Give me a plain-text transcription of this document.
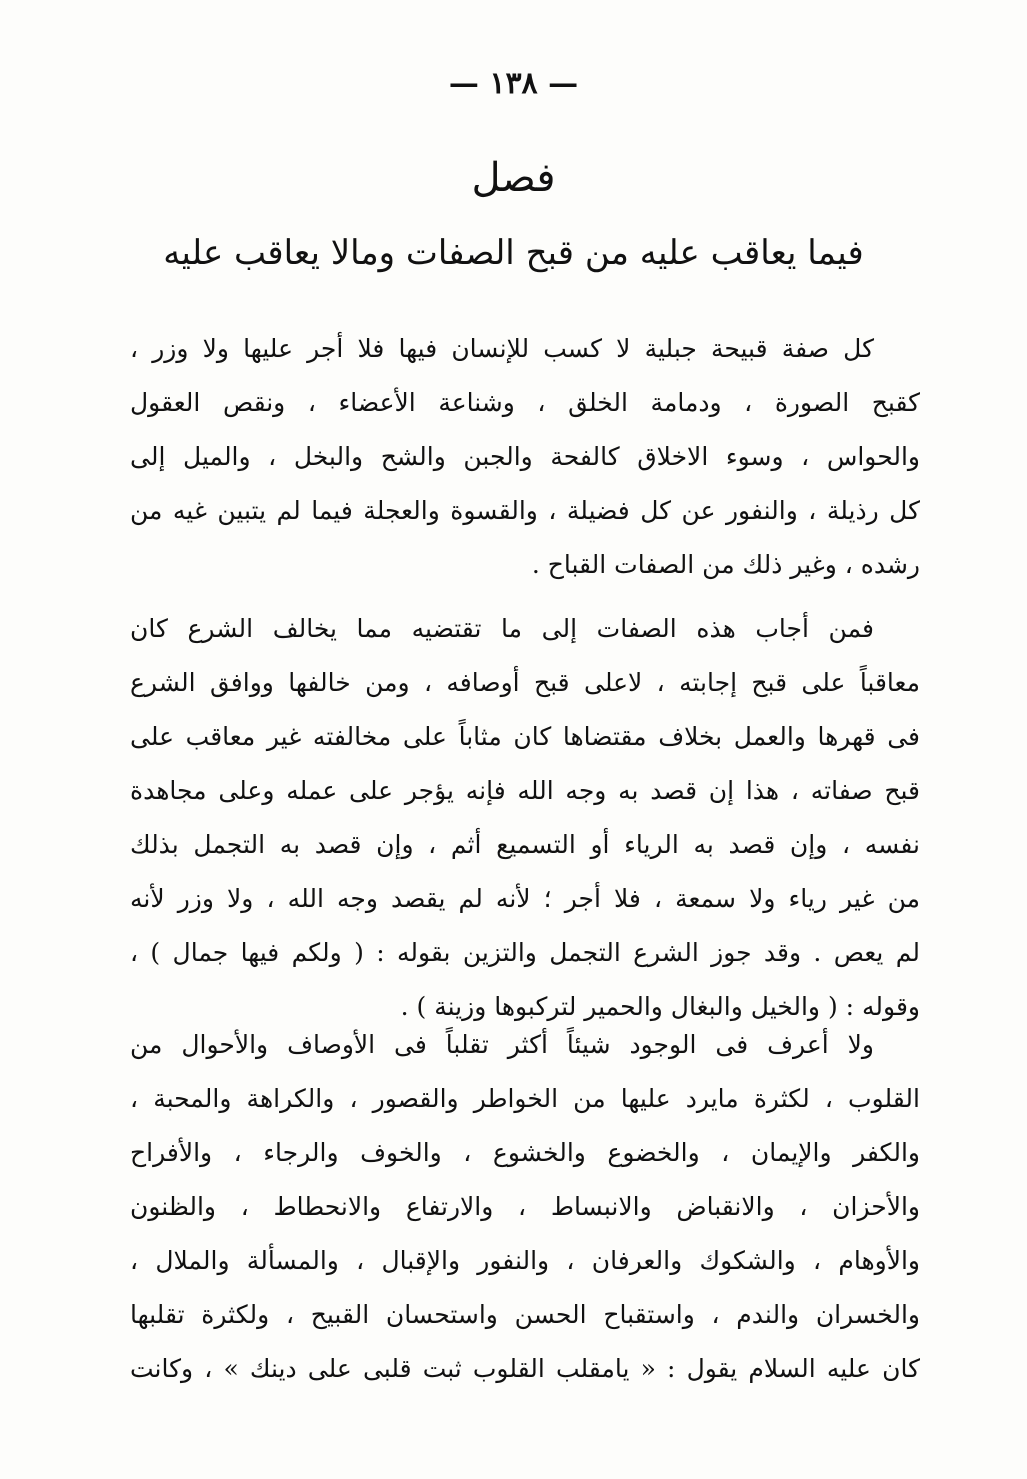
— ١٣٨ —
فصل
فيما يعاقب عليه من قبح الصفات ومالا يعاقب عليه
كل صفة قبيحة جبلية لا كسب للإنسان فيها فلا أجر عليها ولا وزر ،
كقبح الصورة ، ودمامة الخلق ، وشناعة الأعضاء ، ونقص العقول
والحواس ، وسوء الاخلاق كالفحة والجبن والشح والبخل ، والميل إلى
كل رذيلة ، والنفور عن كل فضيلة ، والقسوة والعجلة فيما لم يتبين غيه من
رشده ، وغير ذلك من الصفات القباح .
فمن أجاب هذه الصفات إلى ما تقتضيه مما يخالف الشرع كان
معاقباً على قبح إجابته ، لاعلى قبح أوصافه ، ومن خالفها ووافق الشرع
فى قهرها والعمل بخلاف مقتضاها كان مثاباً على مخالفته غير معاقب على
قبح صفاته ، هذا إن قصد به وجه الله فإنه يؤجر على عمله وعلى مجاهدة
نفسه ، وإن قصد به الرياء أو التسميع أثم ، وإن قصد به التجمل بذلك
من غير رياء ولا سمعة ، فلا أجر ؛ لأنه لم يقصد وجه الله ، ولا وزر لأنه
لم يعص . وقد جوز الشرع التجمل والتزين بقوله : ( ولكم فيها جمال ) ،
وقوله : ( والخيل والبغال والحمير لتركبوها وزينة ) .
ولا أعرف فى الوجود شيئاً أكثر تقلباً فى الأوصاف والأحوال من
القلوب ، لكثرة مايرد عليها من الخواطر والقصور ، والكراهة والمحبة ،
والكفر والإيمان ، والخضوع والخشوع ، والخوف والرجاء ، والأفراح
والأحزان ، والانقباض والانبساط ، والارتفاع والانحطاط ، والظنون
والأوهام ، والشكوك والعرفان ، والنفور والإقبال ، والمسألة والملال ،
والخسران والندم ، واستقباح الحسن واستحسان القبيح ، ولكثرة تقلبها
كان عليه السلام يقول : « يامقلب القلوب ثبت قلبى على دينك » ، وكانت
